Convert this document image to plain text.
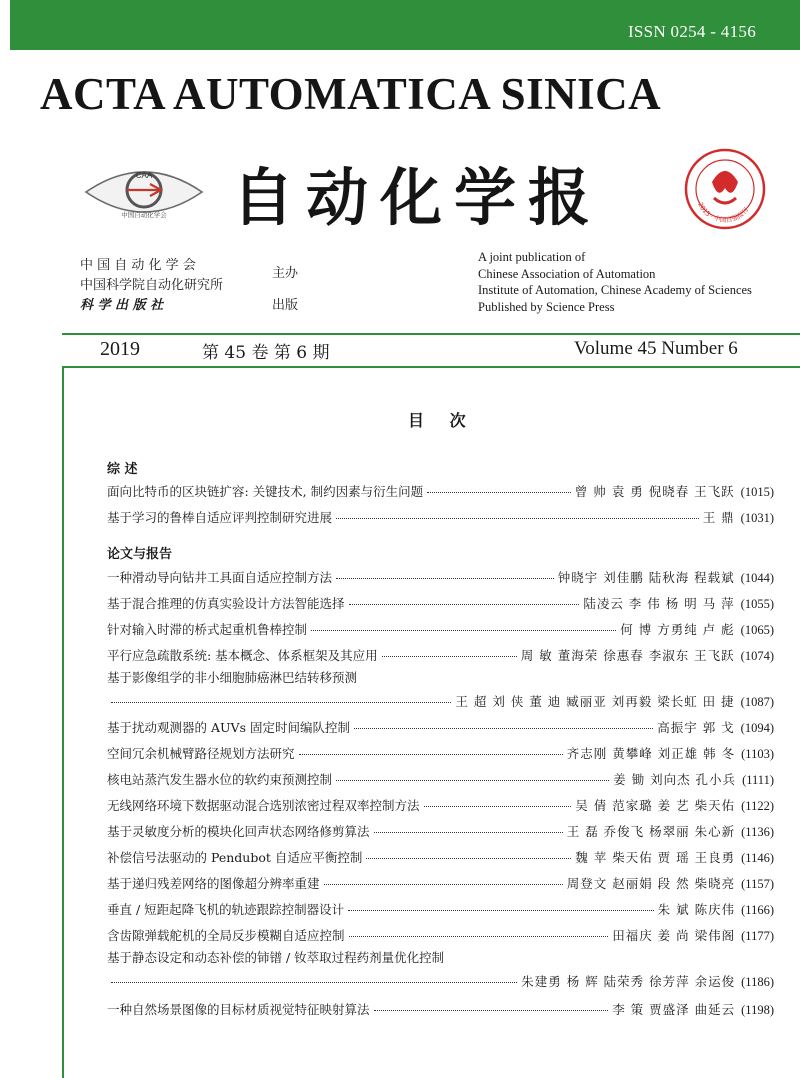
ISSN 0254 - 4156
ACTA AUTOMATICA SINICA
CAA
中国自动化学会 自动化学报	2015 · 中国百强报刊
中 国 自 动 化 学 会
中国科学院自动化研究所
科 学 出 版 社
主办
出版
A joint publication of
Chinese Association of Automation
Institute of Automation, Chinese Academy of Sciences
Published by Science Press
2019	第 45 卷 第 6 期	Volume 45 Number 6
目 次
综 述
面向比特币的区块链扩容: 关键技术, 制约因素与衍生问题	曾 帅 袁 勇 倪晓春 王飞跃 (1015)
基于学习的鲁棒自适应评判控制研究进展	王 鼎 (1031)
论文与报告
一种滑动导向钻井工具面自适应控制方法	钟晓宇 刘佳鹏 陆秋海 程载斌 (1044)
基于混合推理的仿真实验设计方法智能选择	陆凌云 李 伟 杨 明 马 萍 (1055)
针对输入时滞的桥式起重机鲁棒控制	何 博 方勇纯 卢 彪 (1065)
平行应急疏散系统: 基本概念、体系框架及其应用	周 敏 董海荣 徐惠春 李淑东 王飞跃 (1074)
基于影像组学的非小细胞肺癌淋巴结转移预测
王 超 刘 侠 董 迪 臧丽亚 刘再毅 梁长虹 田 捷 (1087)
基于扰动观测器的 AUVs 固定时间编队控制	高振宇 郭 戈 (1094)
空间冗余机械臂路径规划方法研究	齐志刚 黄攀峰 刘正雄 韩 冬 (1103)
核电站蒸汽发生器水位的软约束预测控制	姜 锄 刘向杰 孔小兵 (1111)
无线网络环境下数据驱动混合选别浓密过程双率控制方法	吴 倩 范家璐 姜 艺 柴天佑 (1122)
基于灵敏度分析的模块化回声状态网络修剪算法	王 磊 乔俊飞 杨翠丽 朱心新 (1136)
补偿信号法驱动的 Pendubot 自适应平衡控制	魏 苹 柴天佑 贾 瑶 王良勇 (1146)
基于递归残差网络的图像超分辨率重建	周登文 赵丽娟 段 然 柴晓亮 (1157)
垂直 / 短距起降飞机的轨迹跟踪控制器设计	朱 斌 陈庆伟 (1166)
含齿隙弹载舵机的全局反步模糊自适应控制	田福庆 姜 尚 梁伟阁 (1177)
基于静态设定和动态补偿的铈镨 / 钕萃取过程药剂量优化控制
朱建勇 杨 辉 陆荣秀 徐芳萍 余运俊 (1186)
一种自然场景图像的目标材质视觉特征映射算法	李 策 贾盛泽 曲延云 (1198)
